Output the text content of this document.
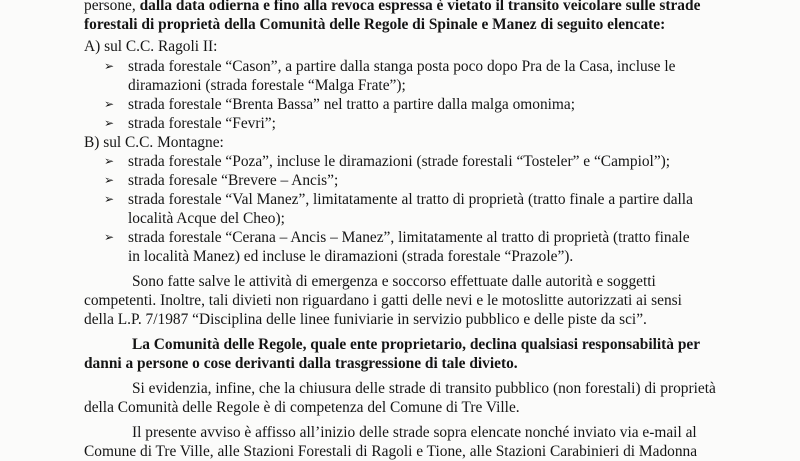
persone, dalla data odierna e fino alla revoca espressa è vietato il transito veicolare sulle strade
forestali di proprietà della Comunità delle Regole di Spinale e Manez di seguito elencate:
A) sul C.C. Ragoli II:
➢ strada forestale “Cason”, a partire dalla stanga posta poco dopo Pra de la Casa, incluse le
diramazioni (strada forestale “Malga Frate”);
➢ strada forestale “Brenta Bassa” nel tratto a partire dalla malga omonima;
➢ strada forestale “Fevri”;
B) sul C.C. Montagne:
➢ strada forestale “Poza”, incluse le diramazioni (strade forestali “Tosteler” e “Campiol”);
➢ strada foresale “Brevere – Ancis”;
➢ strada forestale “Val Manez”, limitatamente al tratto di proprietà (tratto finale a partire dalla
località Acque del Cheo);
➢ strada forestale “Cerana – Ancis – Manez”, limitatamente al tratto di proprietà (tratto finale
in località Manez) ed incluse le diramazioni (strada forestale “Prazole”).
Sono fatte salve le attività di emergenza e soccorso effettuate dalle autorità e soggetti
competenti. Inoltre, tali divieti non riguardano i gatti delle nevi e le motoslitte autorizzati ai sensi
della L.P. 7/1987 “Disciplina delle linee funiviarie in servizio pubblico e delle piste da sci”.
La Comunità delle Regole, quale ente proprietario, declina qualsiasi responsabilità per
danni a persone o cose derivanti dalla trasgressione di tale divieto.
Si evidenzia, infine, che la chiusura delle strade di transito pubblico (non forestali) di proprietà
della Comunità delle Regole è di competenza del Comune di Tre Ville.
Il presente avviso è affisso all’inizio delle strade sopra elencate nonché inviato via e-mail al
Comune di Tre Ville, alle Stazioni Forestali di Ragoli e Tione, alle Stazioni Carabinieri di Madonna
